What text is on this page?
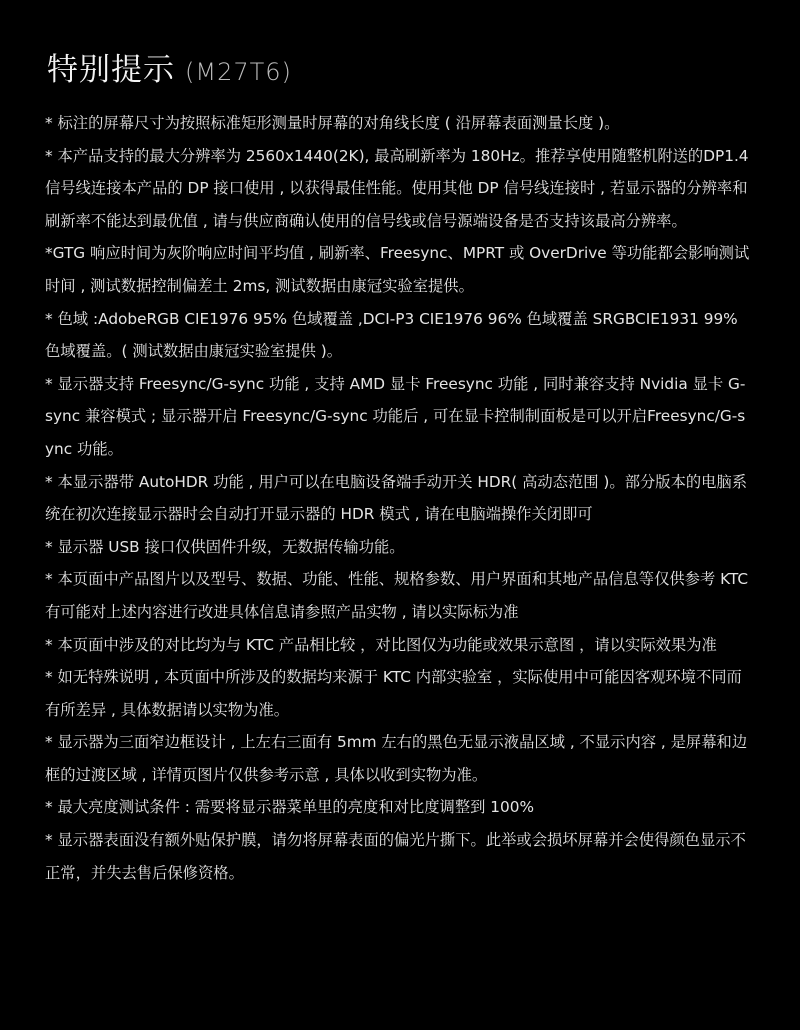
特别提示 (M27T6)

* 标注的屏幕尺寸为按照标准矩形测量时屏幕的对角线长度 ( 沿屏幕表面测量长度 )。

* 本产品支持的最大分辨率为 2560x1440(2K), 最高刷新率为 180Hz。推荐享使用随整机附送的DP1.4 信号线连接本产品的 DP 接口使用 , 以获得最佳性能。使用其他 DP 信号线连接时 , 若显示器的分辨率和刷新率不能达到最优值 , 请与供应商确认使用的信号线或信号源端设备是否支持该最高分辨率。

*GTG 响应时间为灰阶响应时间平均值 , 刷新率、Freesync、MPRT 或 OverDrive 等功能都会影响测试时间 , 测试数据控制偏差土 2ms, 测试数据由康冠实验室提供。

* 色域 :AdobeRGB CIE1976 95% 色域覆盖 ,DCI-P3 CIE1976 96% 色域覆盖 SRGBCIE1931 99% 色域覆盖。( 测试数据由康冠实验室提供 )。

* 显示器支持 Freesync/G-sync 功能 , 支持 AMD 显卡 Freesync 功能 , 同时兼容支持 Nvidia 显卡 G-sync 兼容模式 ; 显示器开启 Freesync/G-sync 功能后 , 可在显卡控制制面板是可以开启Freesync/G-sync 功能。

* 本显示器带 AutoHDR 功能 , 用户可以在电脑设备端手动开关 HDR( 高动态范围 )。部分版本的电脑系统在初次连接显示器时会自动打开显示器的 HDR 模式 , 请在电脑端操作关闭即可

* 显示器 USB 接口仅供固件升级，无数据传输功能。

* 本页面中产品图片以及型号、数据、功能、性能、规格参数、用户界面和其地产品信息等仅供参考 KTC 有可能对上述内容进行改进具体信息请参照产品实物 , 请以实际标为准

* 本页面中涉及的对比均为与 KTC 产品相比较 ，对比图仅为功能或效果示意图 ，请以实际效果为准

* 如无特殊说明 , 本页面中所涉及的数据均来源于 KTC 内部实验室 ，实际使用中可能因客观环境不同而有所差异 , 具体数据请以实物为准。

* 显示器为三面窄边框设计 , 上左右三面有 5mm 左右的黑色无显示液晶区域 , 不显示内容 , 是屏幕和边框的过渡区域 , 详情页图片仅供参考示意 , 具体以收到实物为准。

* 最大亮度测试条件 : 需要将显示器菜单里的亮度和对比度调整到 100%

* 显示器表面没有额外贴保护膜，请勿将屏幕表面的偏光片撕下。此举或会损坏屏幕并会使得颜色显示不正常，并失去售后保修资格。
